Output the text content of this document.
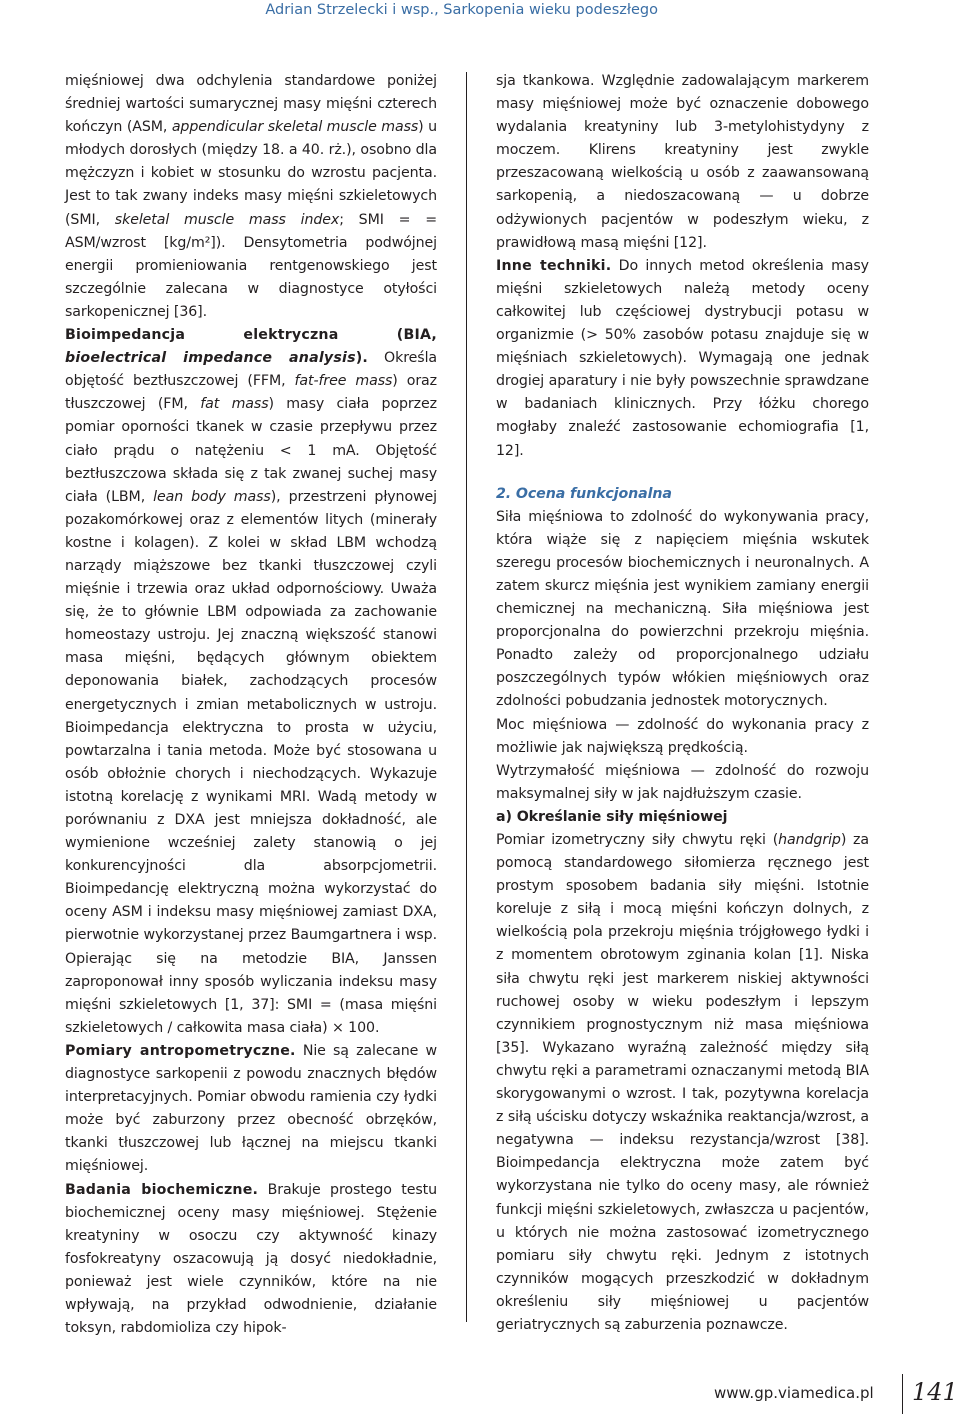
Adrian Strzelecki i wsp., Sarkopenia wieku podeszłego

mięśniowej dwa odchylenia standardowe poniżej średniej wartości sumarycznej masy mięśni czterech kończyn (ASM, appendicular skeletal muscle mass) u młodych dorosłych (między 18. a 40. rż.), osobno dla mężczyzn i kobiet w stosunku do wzrostu pacjenta. Jest to tak zwany indeks masy mięśni szkieletowych (SMI, skeletal muscle mass index; SMI = = ASM/wzrost [kg/m²]). Densytometria podwójnej energii promieniowania rentgenowskiego jest szczególnie zalecana w diagnostyce otyłości sarkopenicznej [36].

Bioimpedancja elektryczna (BIA, bioelectrical impedance analysis). Określa objętość beztłuszczowej (FFM, fat-free mass) oraz tłuszczowej (FM, fat mass) masy ciała poprzez pomiar oporności tkanek w czasie przepływu przez ciało prądu o natężeniu < 1 mA. Objętość beztłuszczowa składa się z tak zwanej suchej masy ciała (LBM, lean body mass), przestrzeni płynowej pozakomórkowej oraz z elementów litych (minerały kostne i kolagen). Z kolei w skład LBM wchodzą narządy miąższowe bez tkanki tłuszczowej czyli mięśnie i trzewia oraz układ odpornościowy. Uważa się, że to głównie LBM odpowiada za zachowanie homeostazy ustroju. Jej znaczną większość stanowi masa mięśni, będących głównym obiektem deponowania białek, zachodzących procesów energetycznych i zmian metabolicznych w ustroju. Bioimpedancja elektryczna to prosta w użyciu, powtarzalna i tania metoda. Może być stosowana u osób obłożnie chorych i niechodzących. Wykazuje istotną korelację z wynikami MRI. Wadą metody w porównaniu z DXA jest mniejsza dokładność, ale wymienione wcześniej zalety stanowią o jej konkurencyjności dla absorpcjometrii. Bioimpedancję elektryczną można wykorzystać do oceny ASM i indeksu masy mięśniowej zamiast DXA, pierwotnie wykorzystanej przez Baumgartnera i wsp. Opierając się na metodzie BIA, Janssen zaproponował inny sposób wyliczania indeksu masy mięśni szkieletowych [1, 37]: SMI = (masa mięśni szkieletowych / całkowita masa ciała) × 100.

Pomiary antropometryczne. Nie są zalecane w diagnostyce sarkopenii z powodu znacznych błędów interpretacyjnych. Pomiar obwodu ramienia czy łydki może być zaburzony przez obecność obrzęków, tkanki tłuszczowej lub łącznej na miejscu tkanki mięśniowej.

Badania biochemiczne. Brakuje prostego testu biochemicznej oceny masy mięśniowej. Stężenie kreatyniny w osoczu czy aktywność kinazy fosfokreatyny oszacowują ją dosyć niedokładnie, ponieważ jest wiele czynników, które na nie wpływają, na przykład odwodnienie, działanie toksyn, rabdomioliza czy hipok-

sja tkankowa. Względnie zadowalającym markerem masy mięśniowej może być oznaczenie dobowego wydalania kreatyniny lub 3-metylohistydyny z moczem. Klirens kreatyniny jest zwykle przeszacowaną wielkością u osób z zaawansowaną sarkopenią, a niedoszacowaną — u dobrze odżywionych pacjentów w podeszłym wieku, z prawidłową masą mięśni [12].

Inne techniki. Do innych metod określenia masy mięśni szkieletowych należą metody oceny całkowitej lub częściowej dystrybucji potasu w organizmie (> 50% zasobów potasu znajduje się w mięśniach szkieletowych). Wymagają one jednak drogiej aparatury i nie były powszechnie sprawdzane w badaniach klinicznych. Przy łóżku chorego mogłaby znaleźć zastosowanie echomiografia [1, 12].

2. Ocena funkcjonalna

Siła mięśniowa to zdolność do wykonywania pracy, która wiąże się z napięciem mięśnia wskutek szeregu procesów biochemicznych i neuronalnych. A zatem skurcz mięśnia jest wynikiem zamiany energii chemicznej na mechaniczną. Siła mięśniowa jest proporcjonalna do powierzchni przekroju mięśnia. Ponadto zależy od proporcjonalnego udziału poszczególnych typów włókien mięśniowych oraz zdolności pobudzania jednostek motorycznych.

Moc mięśniowa — zdolność do wykonania pracy z możliwie jak największą prędkością.

Wytrzymałość mięśniowa — zdolność do rozwoju maksymalnej siły w jak najdłuższym czasie.

a) Określanie siły mięśniowej

Pomiar izometryczny siły chwytu ręki (handgrip) za pomocą standardowego siłomierza ręcznego jest prostym sposobem badania siły mięśni. Istotnie koreluje z siłą i mocą mięśni kończyn dolnych, z wielkością pola przekroju mięśnia trójgłowego łydki i z momentem obrotowym zginania kolan [1]. Niska siła chwytu ręki jest markerem niskiej aktywności ruchowej osoby w wieku podeszłym i lepszym czynnikiem prognostycznym niż masa mięśniowa [35]. Wykazano wyraźną zależność między siłą chwytu ręki a parametrami oznaczanymi metodą BIA skorygowanymi o wzrost. I tak, pozytywna korelacja z siłą uścisku dotyczy wskaźnika reaktancja/wzrost, a negatywna — indeksu rezystancja/wzrost [38]. Bioimpedancja elektryczna może zatem być wykorzystana nie tylko do oceny masy, ale również funkcji mięśni szkieletowych, zwłaszcza u pacjentów, u których nie można zastosować izometrycznego pomiaru siły chwytu ręki. Jednym z istotnych czynników mogących przeszkodzić w dokładnym określeniu siły mięśniowej u pacjentów geriatrycznych są zaburzenia poznawcze.

www.gp.viamedica.pl 141
